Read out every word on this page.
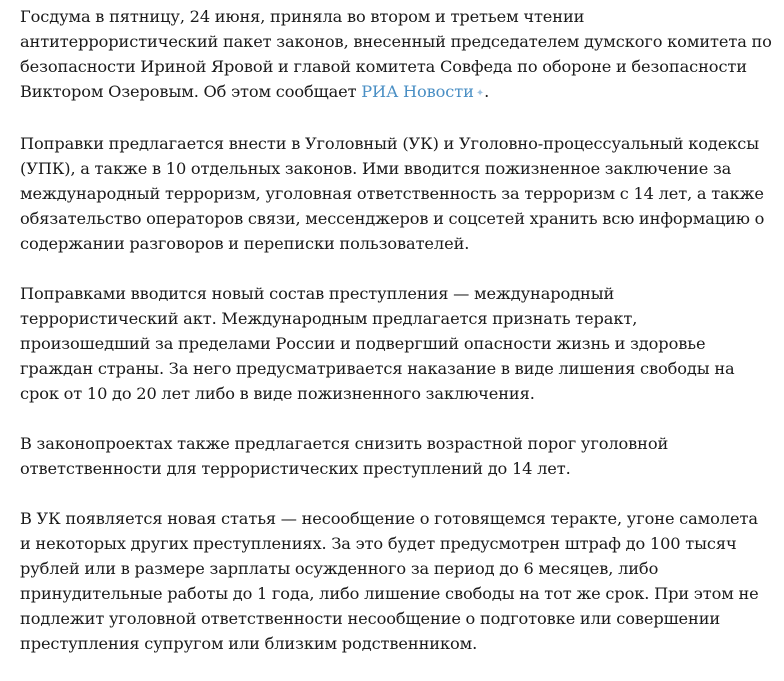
Госдума в пятницу, 24 июня, приняла во втором и третьем чтении антитеррористический пакет законов, внесенный председателем думского комитета по безопасности Ириной Яровой и главой комитета Совфеда по обороне и безопасности Виктором Озеровым. Об этом сообщает РИА Новости ✦.

Поправки предлагается внести в Уголовный (УК) и Уголовно-процессуальный кодексы (УПК), а также в 10 отдельных законов. Ими вводится пожизненное заключение за международный терроризм, уголовная ответственность за терроризм с 14 лет, а также обязательство операторов связи, мессенджеров и соцсетей хранить всю информацию о содержании разговоров и переписки пользователей.

Поправками вводится новый состав преступления — международный террористический акт. Международным предлагается признать теракт, произошедший за пределами России и подвергший опасности жизнь и здоровье граждан страны. За него предусматривается наказание в виде лишения свободы на срок от 10 до 20 лет либо в виде пожизненного заключения.

В законопроектах также предлагается снизить возрастной порог уголовной ответственности для террористических преступлений до 14 лет.

В УК появляется новая статья — несообщение о готовящемся теракте, угоне самолета и некоторых других преступлениях. За это будет предусмотрен штраф до 100 тысяч рублей или в размере зарплаты осужденного за период до 6 месяцев, либо принудительные работы до 1 года, либо лишение свободы на тот же срок. При этом не подлежит уголовной ответственности несообщение о подготовке или совершении преступления супругом или близким родственником.
